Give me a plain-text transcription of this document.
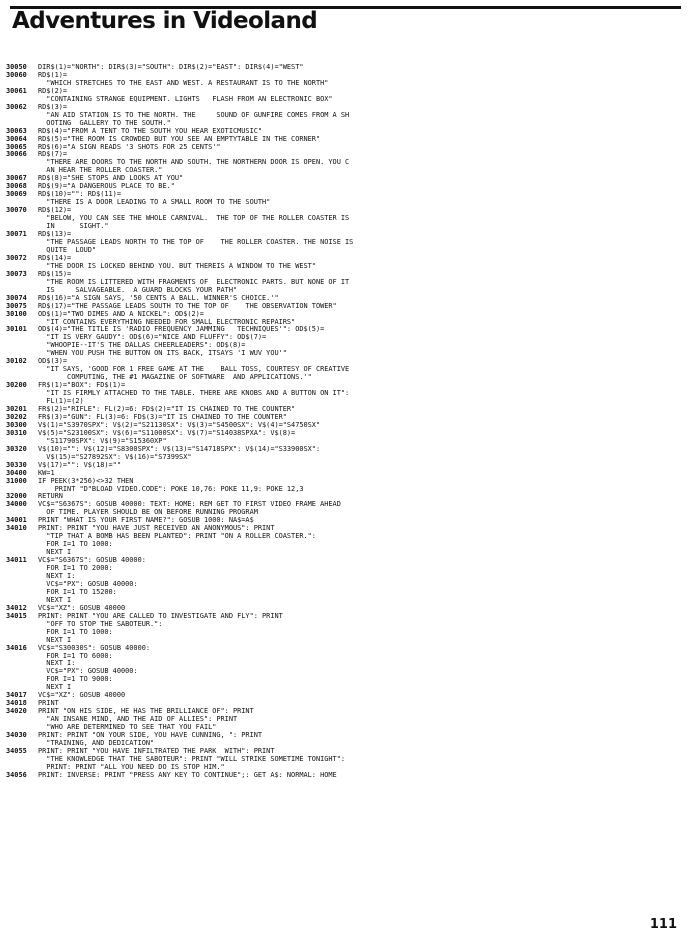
Adventures in Videoland
30050	DIR$(1)="NORTH": DIR$(3)="SOUTH": DIR$(2)="EAST": DIR$(4)="WEST"
30060	RD$(1)=
"WHICH STRETCHES TO THE EAST AND WEST. A RESTAURANT IS TO THE NORTH"
30061	RD$(2)=
"CONTAINING STRANGE EQUIPMENT. LIGHTS   FLASH FROM AN ELECTRONIC BOX"
30062	RD$(3)=
"AN AID STATION IS TO THE NORTH. THE     SOUND OF GUNFIRE COMES FROM A SH
OOTING  GALLERY TO THE SOUTH."
30063	RD$(4)="FROM A TENT TO THE SOUTH YOU HEAR EXOTICMUSIC"
30064	RD$(5)="THE ROOM IS CROWDED BUT YOU SEE AN EMPTYTABLE IN THE CORNER"
30065	RD$(6)="A SIGN READS '3 SHOTS FOR 25 CENTS'"
30066	RD$(7)=
"THERE ARE DOORS TO THE NORTH AND SOUTH. THE NORTHERN DOOR IS OPEN. YOU C
AN HEAR THE ROLLER COASTER."
30067	RD$(8)="SHE STOPS AND LOOKS AT YOU"
30068	RD$(9)="A DANGEROUS PLACE TO BE."
30069	RD$(10)="": RD$(11)=
"THERE IS A DOOR LEADING TO A SMALL ROOM TO THE SOUTH"
30070	RD$(12)=
"BELOW, YOU CAN SEE THE WHOLE CARNIVAL.  THE TOP OF THE ROLLER COASTER IS
IN      SIGHT."
30071	RD$(13)=
"THE PASSAGE LEADS NORTH TO THE TOP OF    THE ROLLER COASTER. THE NOISE IS
QUITE  LOUD"
30072	RD$(14)=
"THE DOOR IS LOCKED BEHIND YOU. BUT THEREIS A WINDOW TO THE WEST"
30073	RD$(15)=
"THE ROOM IS LITTERED WITH FRAGMENTS OF  ELECTRONIC PARTS. BUT NONE OF IT
IS     SALVAGEABLE.  A GUARD BLOCKS YOUR PATH"
30074	RD$(16)="A SIGN SAYS, '50 CENTS A BALL. WINNER'S CHOICE.'"
30075	RD$(17)="THE PASSAGE LEADS SOUTH TO THE TOP OF    THE OBSERVATION TOWER"
30100	OD$(1)="TWO DIMES AND A NICKEL": OD$(2)=
"IT CONTAINS EVERYTHING NEEDED FOR SMALL ELECTRONIC REPAIRS"
30101	OD$(4)="THE TITLE IS 'RADIO FREQUENCY JAMMING   TECHNIQUES'": OD$(5)=
"IT IS VERY GAUDY": OD$(6)="NICE AND FLUFFY": OD$(7)=
"WHOOPIE--IT'S THE DALLAS CHEERLEADERS": OD$(8)=
"WHEN YOU PUSH THE BUTTON ON ITS BACK, ITSAYS 'I WUV YOU'"
30102	OD$(3)=
"IT SAYS, 'GOOD FOR 1 FREE GAME AT THE    BALL TOSS, COURTESY OF CREATIVE
COMPUTING, THE #1 MAGAZINE OF SOFTWARE  AND APPLICATIONS.'"
30200	FR$(1)="BOX": FD$(1)=
"IT IS FIRMLY ATTACHED TO THE TABLE. THERE ARE KNOBS AND A BUTTON ON IT":
FL(1)=(2)
30201	FR$(2)="RIFLE": FL(2)=6: FD$(2)="IT IS CHAINED TO THE COUNTER"
30202	FR$(3)="GUN": FL(3)=6: FD$(3)="IT IS CHAINED TO THE COUNTER"
30300	V$(1)="S3970SPX": V$(2)="S21130SX": V$(3)="S4500SX": V$(4)="S4750SX"
30310	V$(5)="S23100SX": V$(6)="S11000SX": V$(7)="S14038SPXA": V$(8)=
"S11790SPX": V$(9)="S15360XP"
30320	V$(10)="": V$(12)="S8300SPX": V$(13)="S14718SPX": V$(14)="S33900SX":
V$(15)="S27892SX": V$(16)="S7399SX"
30330	V$(17)="": V$(18)=""
30400	KW=1
31000	IF PEEK(3*256)<>32 THEN
PRINT "D"BLOAD VIDEO.CODE": POKE 10,76: POKE 11,9: POKE 12,3
32000	RETURN
34000	VC$="S6367S": GOSUB 40000: TEXT: HOME: REM GET TO FIRST VIDEO FRAME AHEAD
OF TIME. PLAYER SHOULD BE ON BEFORE RUNNING PROGRAM
34001	PRINT "WHAT IS YOUR FIRST NAME?": GOSUB 1000: NA$=A$
34010	PRINT: PRINT "YOU HAVE JUST RECEIVED AN ANONYMOUS": PRINT
"TIP THAT A BOMB HAS BEEN PLANTED": PRINT "ON A ROLLER COASTER.":
FOR I=1 TO 1000:
NEXT I
34011	VC$="S6367S": GOSUB 40000:
FOR I=1 TO 2000:
NEXT I:
VC$="PX": GOSUB 40000:
FOR I=1 TO 15200:
NEXT I
34012	VC$="XZ": GOSUB 40000
34015	PRINT: PRINT "YOU ARE CALLED TO INVESTIGATE AND FLY": PRINT
"OFF TO STOP THE SABOTEUR.":
FOR I=1 TO 1000:
NEXT I
34016	VC$="S30030S": GOSUB 40000:
FOR I=1 TO 6000:
NEXT I:
VC$="PX": GOSUB 40000:
FOR I=1 TO 9000:
NEXT I
34017	VC$="XZ": GOSUB 40000
34018	PRINT
34020	PRINT "ON HIS SIDE, HE HAS THE BRILLIANCE OF": PRINT
"AN INSANE MIND, AND THE AID OF ALLIES": PRINT
"WHO ARE DETERMINED TO SEE THAT YOU FAIL"
34030	PRINT: PRINT "ON YOUR SIDE, YOU HAVE CUNNING, ": PRINT
"TRAINING, AND DEDICATION"
34055	PRINT: PRINT "YOU HAVE INFILTRATED THE PARK  WITH": PRINT
"THE KNOWLEDGE THAT THE SABOTEUR": PRINT "WILL STRIKE SOMETIME TONIGHT":
PRINT: PRINT "ALL YOU NEED DO IS STOP HIM."
34056	PRINT: INVERSE: PRINT "PRESS ANY KEY TO CONTINUE";: GET A$: NORMAL: HOME
111
